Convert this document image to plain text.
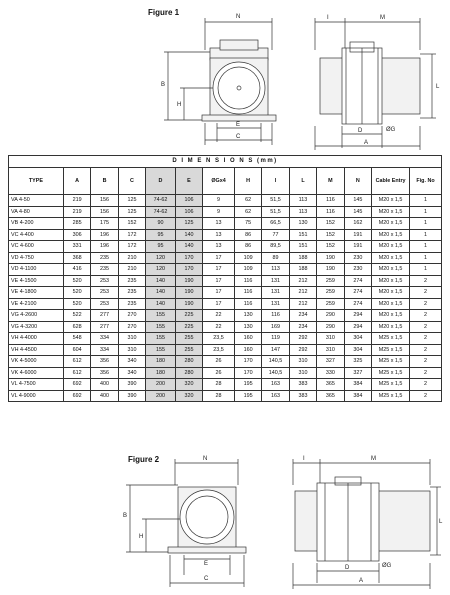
Figure 1	N
B
H
E
C
I	M
L
D	ØG
A
D I M E N S I O N S (mm)													
TYPE	A	B	C	D	E	ØGx4	H	I	L	M	N	Cable Entry	Fig. No
VA 4-50	219	156	125	74-62	106	9	62	51,5	113	116	145	M20 x 1,5	1
VA 4-80	219	156	125	74-62	106	9	62	51,5	113	116	145	M20 x 1,5	1
VB 4-200	285	175	152	90	125	13	75	66,5	130	152	162	M20 x 1,5	1
VC 4-400	306	196	172	95	140	13	86	77	151	152	191	M20 x 1,5	1
VC 4-600	331	196	172	95	140	13	86	89,5	151	152	191	M20 x 1,5	1
VD 4-750	368	235	210	120	170	17	109	89	188	190	230	M20 x 1,5	1
VD 4-1100	416	235	210	120	170	17	109	113	188	190	230	M20 x 1,5	1
VE 4-1500	520	253	235	140	190	17	116	131	212	259	274	M20 x 1,5	2
VE 4-1800	520	253	235	140	190	17	116	131	212	259	274	M20 x 1,5	2
VE 4-2100	520	253	235	140	190	17	116	131	212	259	274	M20 x 1,5	2
VG 4-2600	522	277	270	155	225	22	130	116	234	290	294	M20 x 1,5	2
VG 4-3200	628	277	270	155	225	22	130	169	234	290	294	M20 x 1,5	2
VH 4-4000	548	334	310	155	255	23,5	160	119	292	310	304	M25 x 1,5	2
VH 4-4500	604	334	310	155	255	23,5	160	147	292	310	304	M25 x 1,5	2
VK 4-5000	612	356	340	180	280	26	170	140,5	310	327	325	M25 x 1,5	2
VK 4-6000	612	356	340	180	280	26	170	140,5	310	330	327	M25 x 1,5	2
VL 4-7500	692	400	390	200	320	28	195	163	383	365	384	M25 x 1,5	2
VL 4-9000	692	400	390	200	320	28	195	163	383	365	384	M25 x 1,5	2
Figure 2	N
B
H
E
C
I	M
L
D	ØG
A
